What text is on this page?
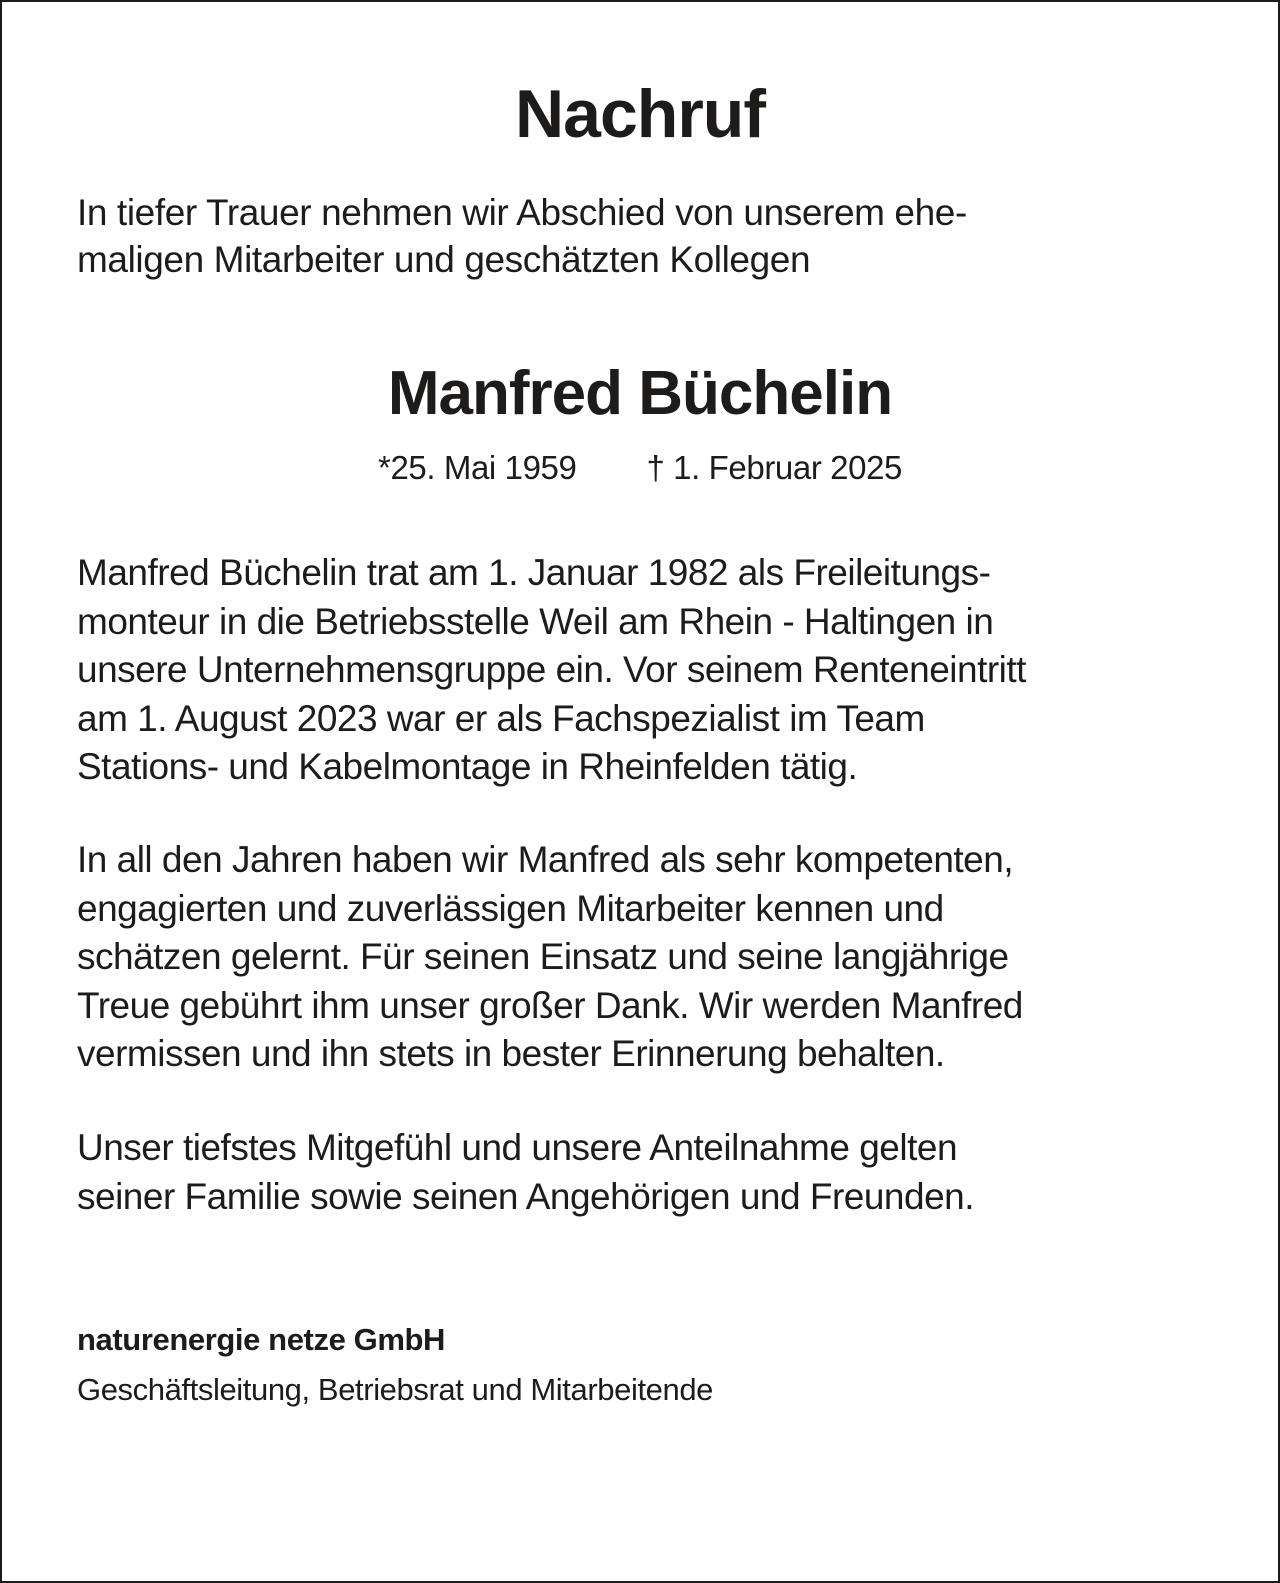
Nachruf

In tiefer Trauer nehmen wir Abschied von unserem ehe-
maligen Mitarbeiter und geschätzten Kollegen

Manfred Büchelin
*25. Mai 1959 † 1. Februar 2025

Manfred Büchelin trat am 1. Januar 1982 als Freileitungs-
monteur in die Betriebsstelle Weil am Rhein - Haltingen in
unsere Unternehmensgruppe ein. Vor seinem Renteneintritt
am 1. August 2023 war er als Fachspezialist im Team
Stations- und Kabelmontage in Rheinfelden tätig.

In all den Jahren haben wir Manfred als sehr kompetenten,
engagierten und zuverlässigen Mitarbeiter kennen und
schätzen gelernt. Für seinen Einsatz und seine langjährige
Treue gebührt ihm unser großer Dank. Wir werden Manfred
vermissen und ihn stets in bester Erinnerung behalten.

Unser tiefstes Mitgefühl und unsere Anteilnahme gelten
seiner Familie sowie seinen Angehörigen und Freunden.

naturenergie netze GmbH

Geschäftsleitung, Betriebsrat und Mitarbeitende
